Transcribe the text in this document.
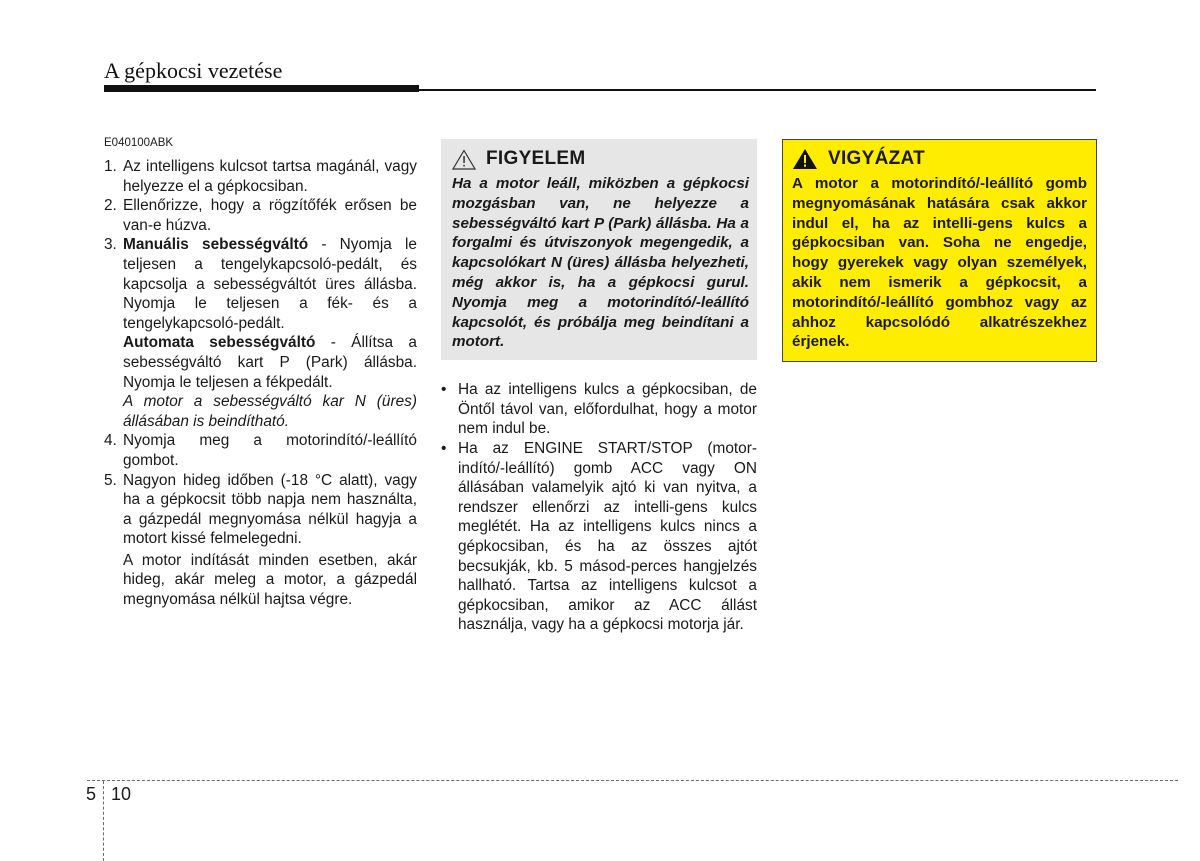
A gépkocsi vezetése
E040100ABK
1. Az intelligens kulcsot tartsa magánál, vagy helyezze el a gépkocsiban.
2. Ellenőrizze, hogy a rögzítőfék erősen be van-e húzva.
3. Manuális sebességváltó - Nyomja le teljesen a tengelykapcsoló-pedált, és kapcsolja a sebességváltót üres állásba. Nyomja le teljesen a fék- és a tengelykapcsoló-pedált.
Automata sebességváltó - Állítsa a sebességváltó kart P (Park) állásba. Nyomja le teljesen a fékpedált.
A motor a sebességváltó kar N (üres) állásában is beindítható.
4. Nyomja meg a motorindító/-leállító gombot.
5. Nagyon hideg időben (-18 °C alatt), vagy ha a gépkocsit több napja nem használta, a gázpedál megnyomása nélkül hagyja a motort kissé felmelegedni.
A motor indítását minden esetben, akár hideg, akár meleg a motor, a gázpedál megnyomása nélkül hajtsa végre.
FIGYELEM
Ha a motor leáll, miközben a gépkocsi mozgásban van, ne helyezze a sebességváltó kart P (Park) állásba. Ha a forgalmi és útviszonyok megengedik, a kapcsolókart N (üres) állásba helyezheti, még akkor is, ha a gépkocsi gurul. Nyomja meg a motorindító/-leállító kapcsolót, és próbálja meg beindítani a motort.
• Ha az intelligens kulcs a gépkocsiban, de Öntől távol van, előfordulhat, hogy a motor nem indul be.
• Ha az ENGINE START/STOP (motor-indító/-leállító) gomb ACC vagy ON állásában valamelyik ajtó ki van nyitva, a rendszer ellenőrzi az intelli-gens kulcs meglétét. Ha az intelligens kulcs nincs a gépkocsiban, és ha az összes ajtót becsukják, kb. 5 másod-perces hangjelzés hallható. Tartsa az intelligens kulcsot a gépkocsiban, amikor az ACC állást használja, vagy ha a gépkocsi motorja jár.
VIGYÁZAT
A motor a motorindító/-leállító gomb megnyomásának hatására csak akkor indul el, ha az intelli-gens kulcs a gépkocsiban van. Soha ne engedje, hogy gyerekek vagy olyan személyek, akik nem ismerik a gépkocsit, a motorindító/-leállító gombhoz vagy az ahhoz kapcsolódó alkatrészekhez érjenek.
5 10
